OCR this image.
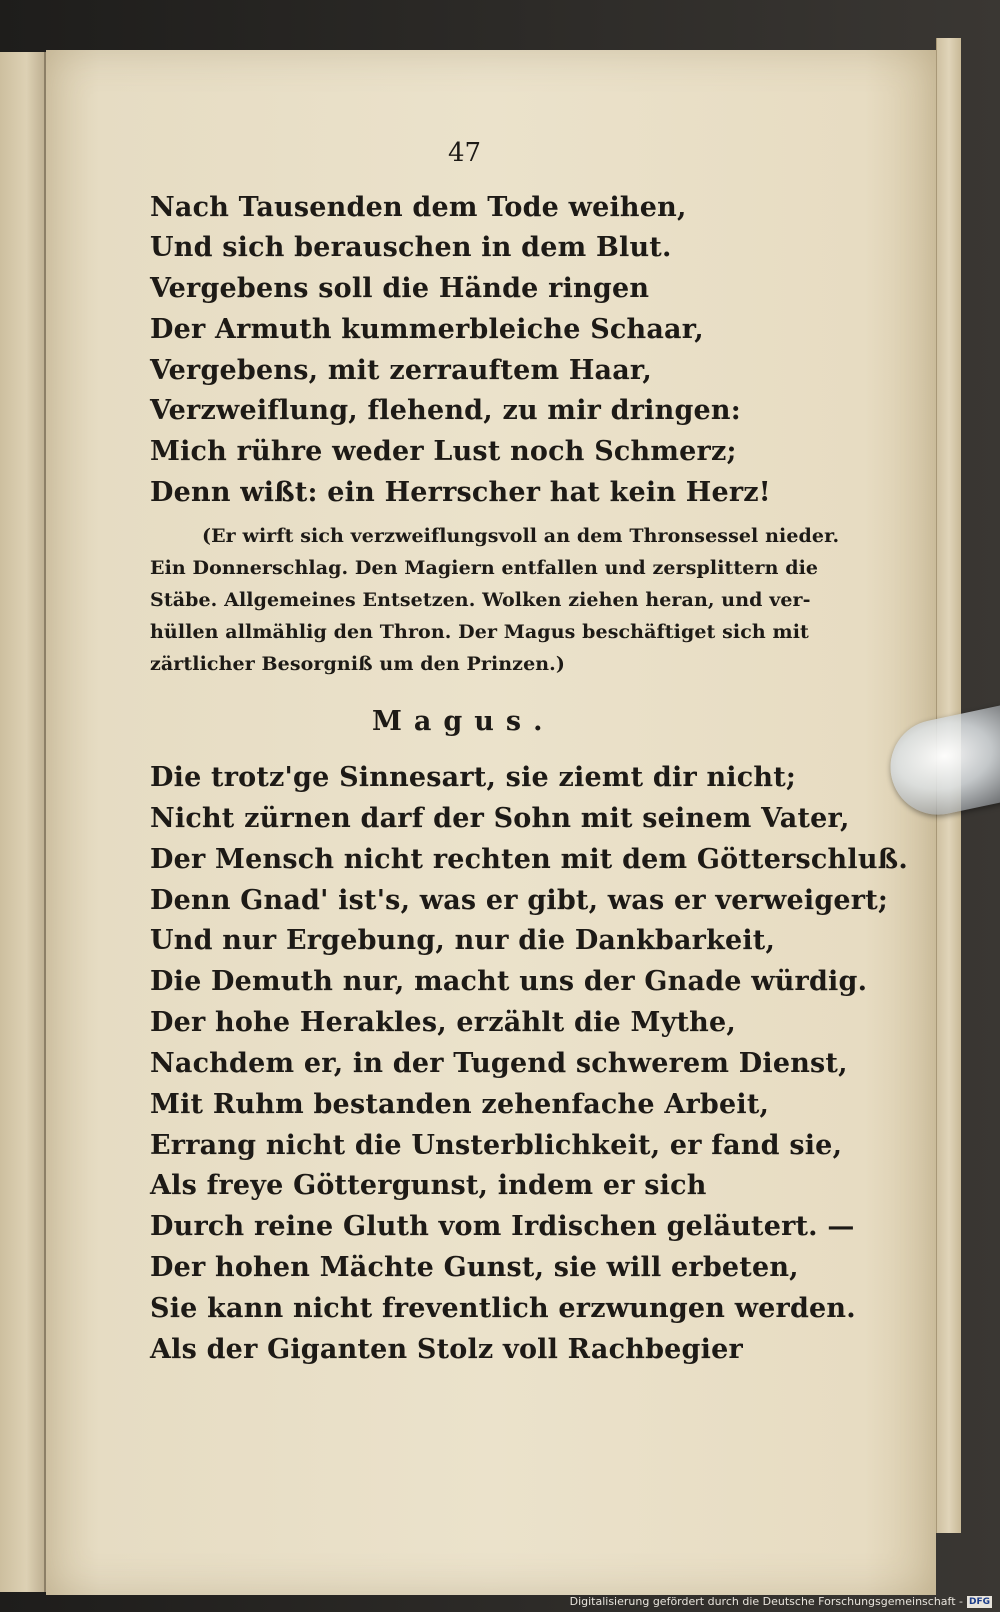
47
Nach Tausenden dem Tode weihen,
Und sich berauschen in dem Blut.
Vergebens soll die Hände ringen
Der Armuth kummerbleiche Schaar,
Vergebens, mit zerrauftem Haar,
Verzweiflung, flehend, zu mir dringen:
Mich rühre weder Lust noch Schmerz;
Denn wißt: ein Herrscher hat kein Herz!
(Er wirft sich verzweiflungsvoll an dem Thronsessel nieder.
Ein Donnerschlag. Den Magiern entfallen und zersplittern die
Stäbe. Allgemeines Entsetzen. Wolken ziehen heran, und ver-
hüllen allmählig den Thron. Der Magus beschäftiget sich mit
zärtlicher Besorgniß um den Prinzen.)
Magus.
Die trotz'ge Sinnesart, sie ziemt dir nicht;
Nicht zürnen darf der Sohn mit seinem Vater,
Der Mensch nicht rechten mit dem Götterschluß.
Denn Gnad' ist's, was er gibt, was er verweigert;
Und nur Ergebung, nur die Dankbarkeit,
Die Demuth nur, macht uns der Gnade würdig.
Der hohe Herakles, erzählt die Mythe,
Nachdem er, in der Tugend schwerem Dienst,
Mit Ruhm bestanden zehenfache Arbeit,
Errang nicht die Unsterblichkeit, er fand sie,
Als freye Göttergunst, indem er sich
Durch reine Gluth vom Irdischen geläutert. —
Der hohen Mächte Gunst, sie will erbeten,
Sie kann nicht freventlich erzwungen werden.
Als der Giganten Stolz voll Rachbegier
Digitalisierung gefördert durch die Deutsche Forschungsgemeinschaft - DFG
